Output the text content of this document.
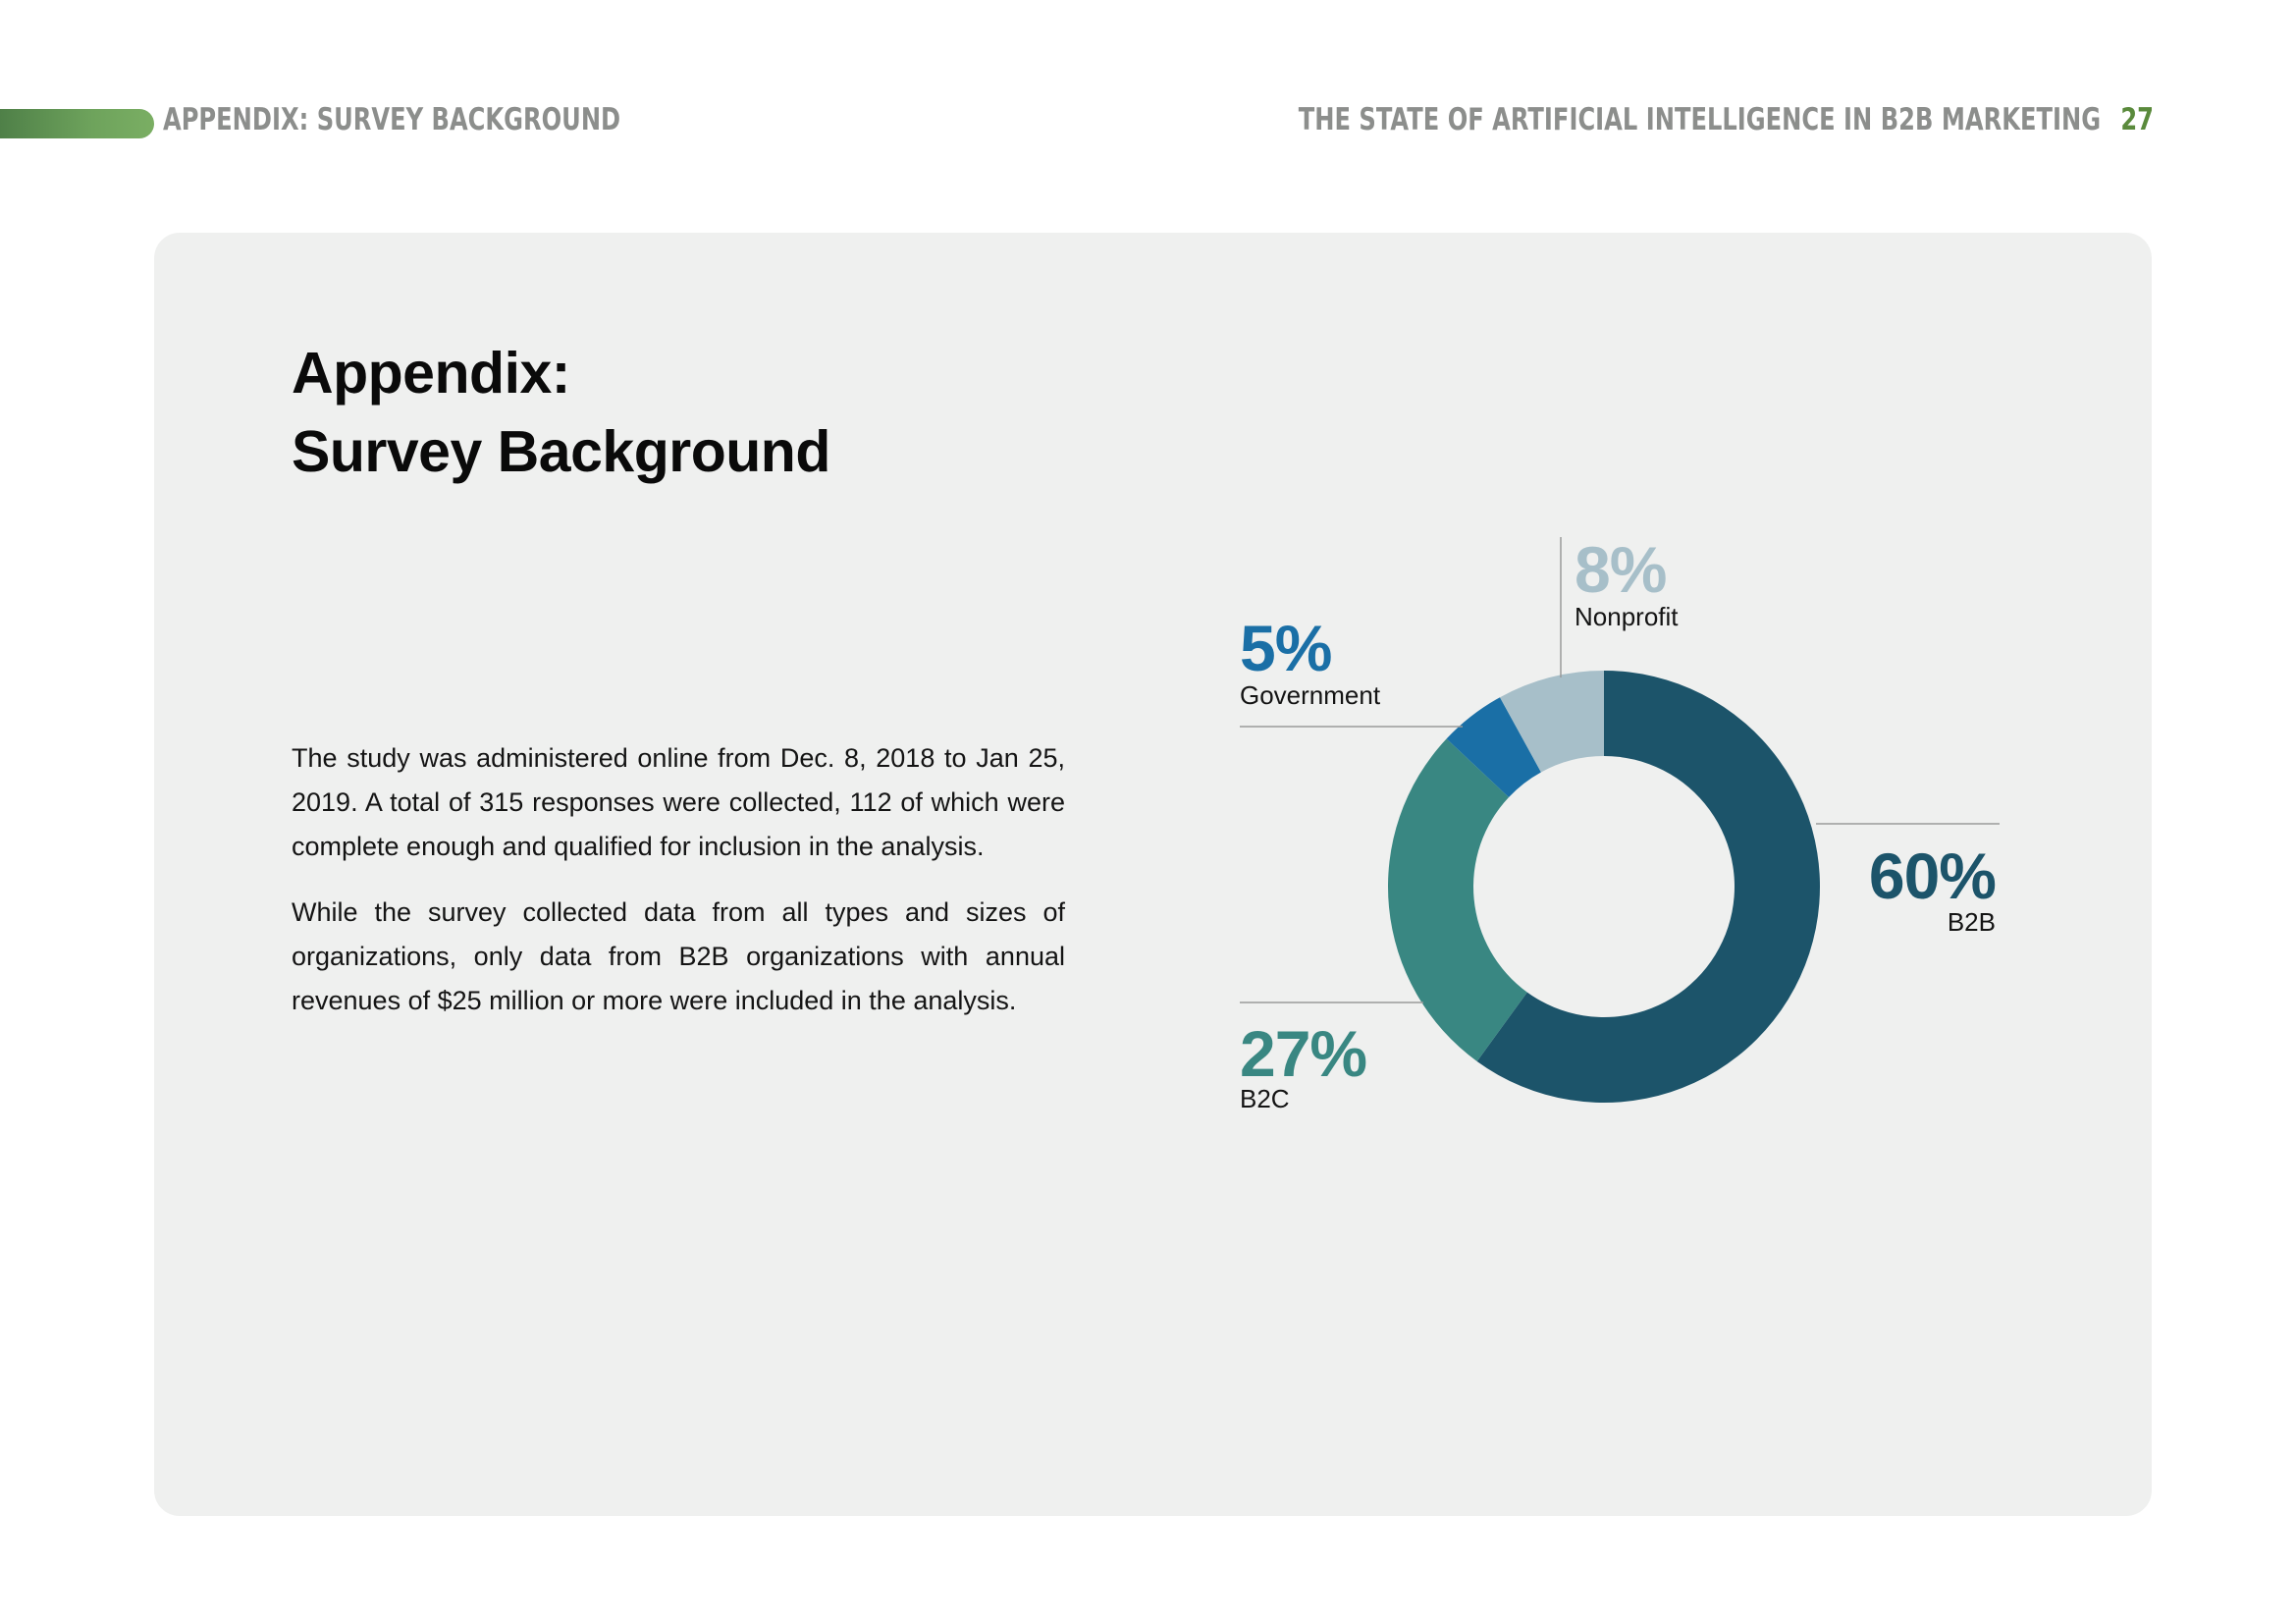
APPENDIX: SURVEY BACKGROUND	THE STATE OF ARTIFICIAL INTELLIGENCE IN B2B MARKETING 27
Appendix:
Survey Background

The study was administered online from Dec. 8, 2018 to Jan 25, 2019. A total of 315 responses were collected, 112 of which were complete enough and qualified for inclusion in the analysis.

While the survey collected data from all types and sizes of organizations, only data from B2B organizations with annual revenues of $25 million or more were included in the analysis.

60%
B2B
27%
B2C
5%
Government
8%
Nonprofit
